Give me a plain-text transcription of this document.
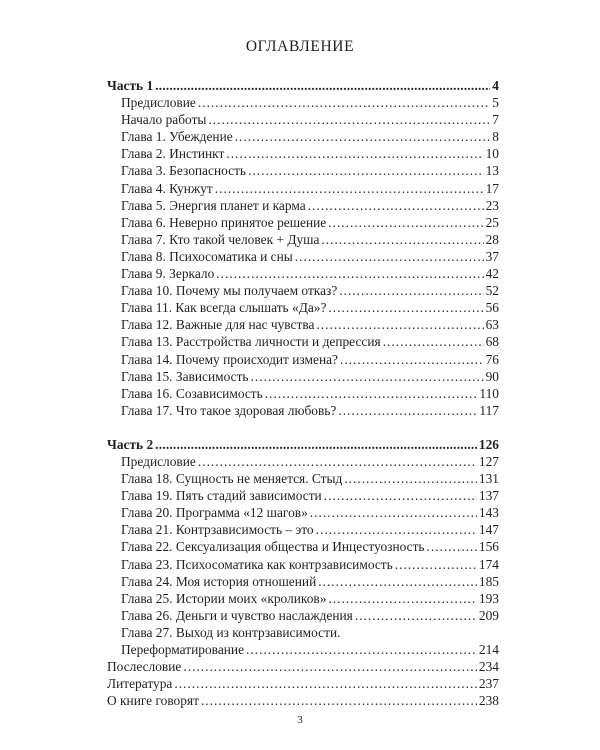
ОГЛАВЛЕНИЕ
Часть 1 .....	4
Предисловие .....	5
Начало работы .....	7
Глава 1. Убеждение .....	8
Глава 2. Инстинкт .....	10
Глава 3. Безопасность .....	13
Глава 4. Кунжут .....	17
Глава 5. Энергия планет и карма .....	23
Глава 6. Неверно принятое решение .....	25
Глава 7. Кто такой человек + Душа .....	28
Глава 8. Психосоматика и сны .....	37
Глава 9. Зеркало .....	42
Глава 10. Почему мы получаем отказ? .....	52
Глава 11. Как всегда слышать «Да»? .....	56
Глава 12. Важные для нас чувства .....	63
Глава 13. Расстройства личности и депрессия .....	68
Глава 14. Почему происходит измена? .....	76
Глава 15. Зависимость .....	90
Глава 16. Созависимость .....	110
Глава 17. Что такое здоровая любовь? .....	117
Часть 2 .....	126
Предисловие .....	127
Глава 18. Сущность не меняется. Стыд .....	131
Глава 19. Пять стадий зависимости .....	137
Глава 20. Программа «12 шагов» .....	143
Глава 21. Контрзависимость – это .....	147
Глава 22. Сексуализация общества и Инцестуозность .....	156
Глава 23. Психосоматика как контрзависимость .....	174
Глава 24. Моя история отношений .....	185
Глава 25. Истории моих «кроликов» .....	193
Глава 26. Деньги и чувство наслаждения .....	209
Глава 27. Выход из контрзависимости.
Переформатирование .....	214
Послесловие .....	234
Литература .....	237
О книге говорят .....	238
3
